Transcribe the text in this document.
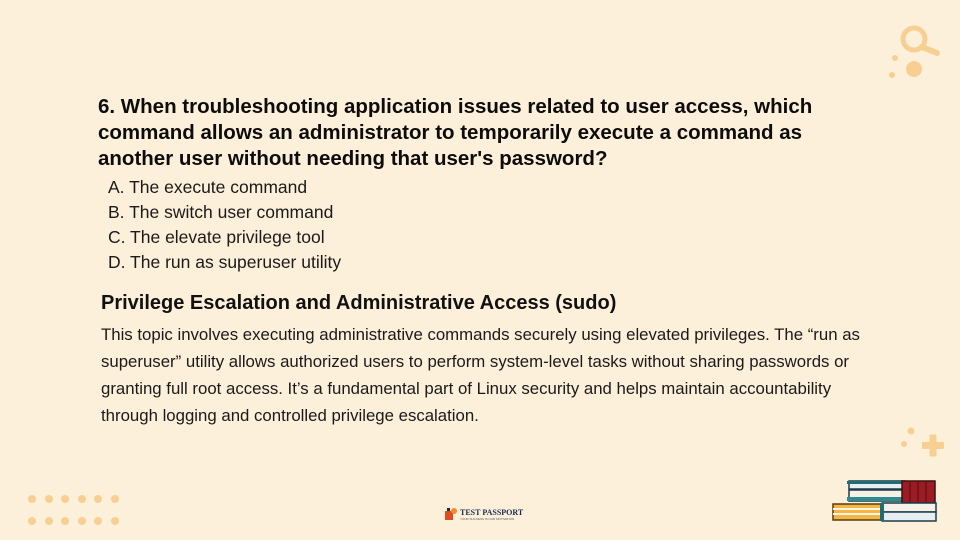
6. When troubleshooting application issues related to user access, which command allows an administrator to temporarily execute a command as another user without needing that user's password?
A. The execute command
B. The switch user command
C. The elevate privilege tool
D. The run as superuser utility
Privilege Escalation and Administrative Access (sudo)

This topic involves executing administrative commands securely using elevated privileges. The “run as superuser” utility allows authorized users to perform system-level tasks without sharing passwords or granting full root access. It’s a fundamental part of Linux security and helps maintain accountability through logging and controlled privilege escalation.

TEST PASSPORT
YOUR SUCCESS IS OUR MOTIVATION
